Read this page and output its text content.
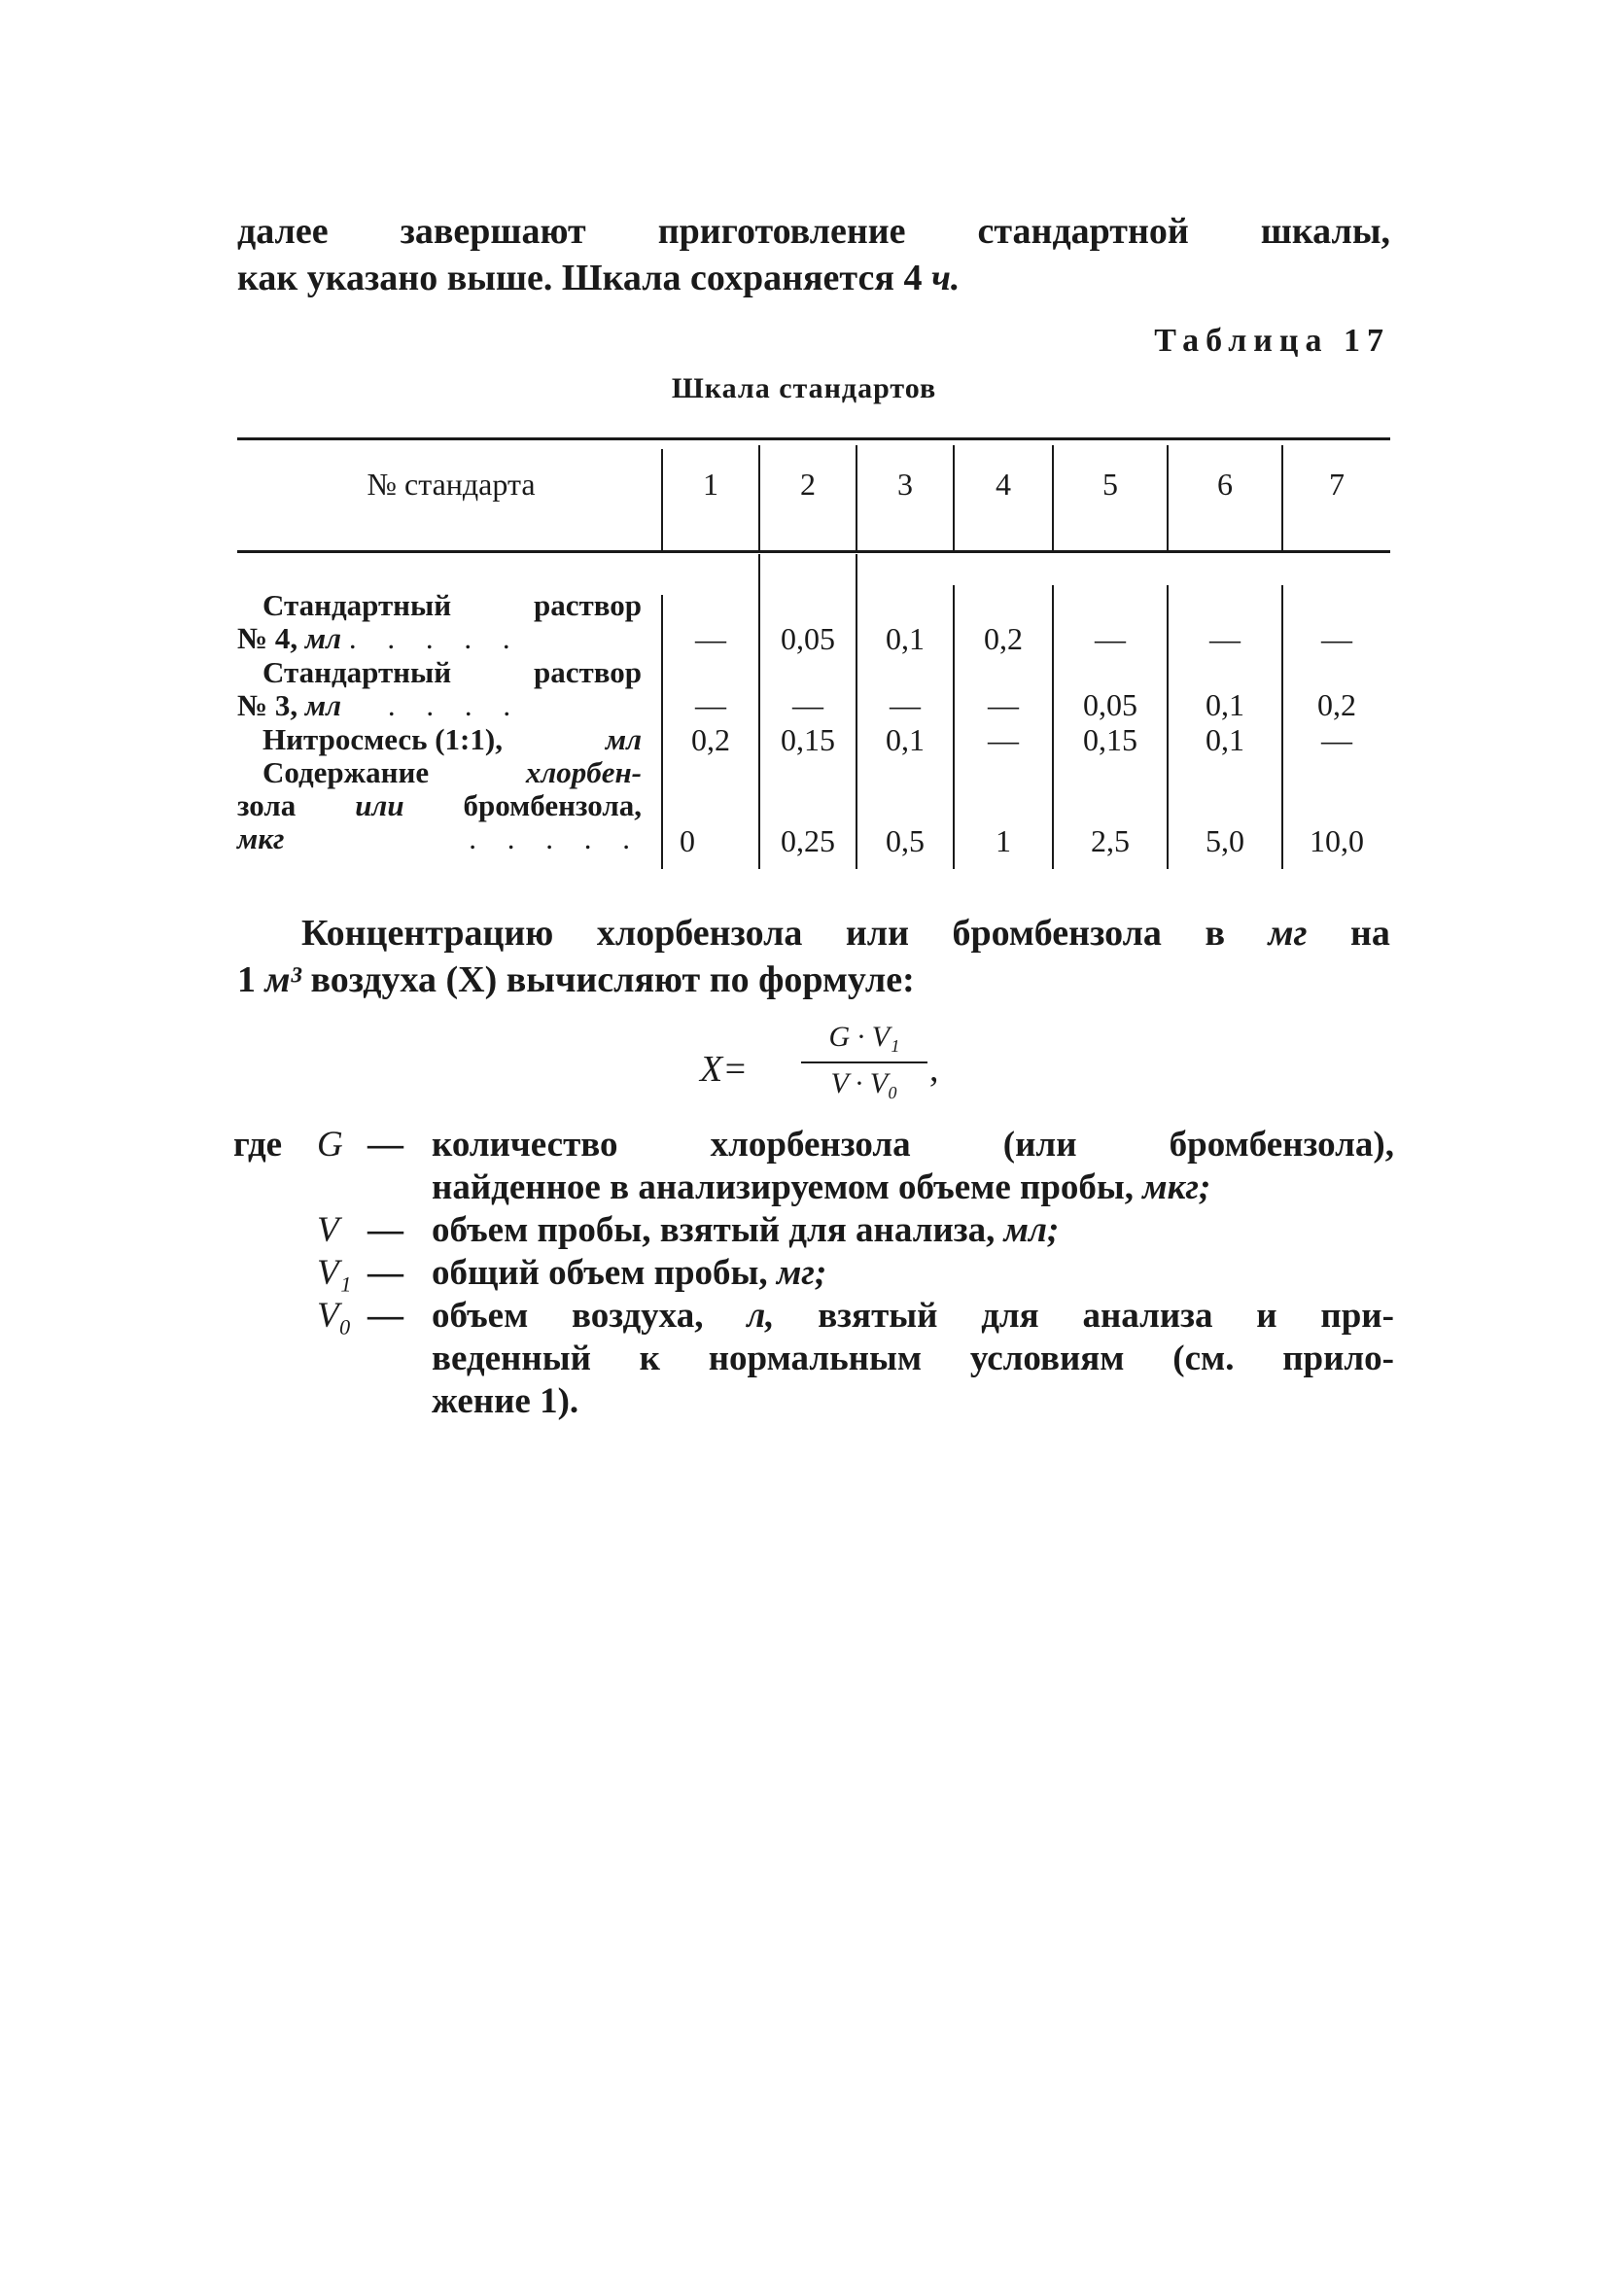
далее завершают приготовление стандартной шкалы,
как указано выше. Шкала сохраняется 4 ч.
Таблица 17
Шкала стандартов
№ стандарта	1	2	3	4	5	6	7
Стандартный	раствор
№ 4, мл . . . . .	—	0,05	0,1	0,2	—	—	—
Стандартный	раствор
№ 3, мл . . . .	—	—	—	—	0,05	0,1	0,2
Нитросмесь (1:1),	мл	0,2	0,15	0,1	—	0,15	0,1	—
Содержание	хлорбен-
зола или бромбензола,
мкг	. . . . .	0	0,25	0,5	1	2,5	5,0	10,0
Концентрацию хлорбензола или бромбензола в мг на
1 м³ воздуха (X) вычисляют по формуле:
X=
G · V₁
V · V₀ ,
где G — количество	хлорбензола	(или	бромбензола),
найденное в анализируемом объеме пробы, мкг;
V — объем пробы, взятый для анализа, мл;
V₁ — общий объем пробы, мг;
V₀ — объем воздуха, л, взятый для анализа и при-
веденный к нормальным условиям (см. прило-
жение 1).
